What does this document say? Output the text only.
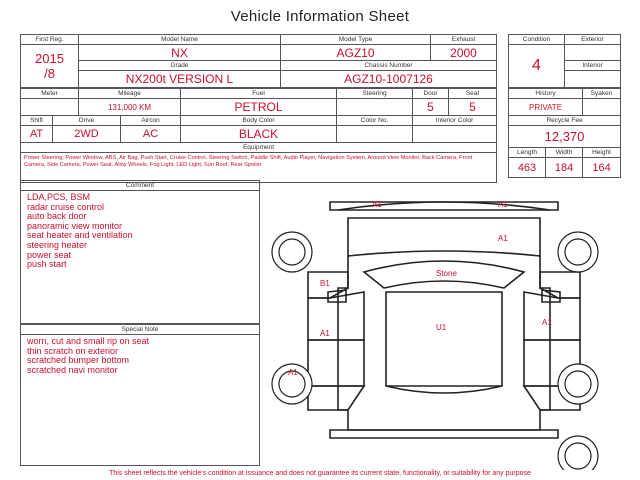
Vehicle Information Sheet
First Reg.	Model Name	Model Type	Exhaust

2015
/8	NX	AGZ10	2000
	Grade	Chassis Number	
	NX200t VERSION L	AGZ10-1007126	
Condition	Exterior
4	
	Interior

Meter		Mileage		Fuel	Steering	Door	Seat
		131,000 KM		PETROL		5	5
Shift	Drive		Aircon	Body Color	Color No.	Interior Color	
AT	2WD		AC	BLACK			
Equipment							
Power Steering, Power Window, ABS, Air Bag, Push Start, Cruise Control, Steering Switch, Paddle Shift, Audio Player, Navigation System, Around View Monitor, Back Camera, Front Camera, Side Camera, Power Seat, Alloy Wheels, Fog Light, LED Light, Sun Roof, Rear Spoiler							
History		Syaken
PRIVATE		
Recycle Fee		
12,370		
Length	Width	Height
463	184	164
Comment
LDA,PCS, BSM
radar cruise control
auto back door
panoramic view monitor
seat heater and ventilation
steering heater
power seat
push start
Special Note
worn, cut and small rip on seat
thin scratch on exterior
scratched bumper bottom
scratched navi monitor
A1	A1
A1
Stone
B1
A1
U1
A1
A1
This sheet reflects the vehicle's condition at issuance and does not guarantee its current state, functionality, or suitability for any purpose
